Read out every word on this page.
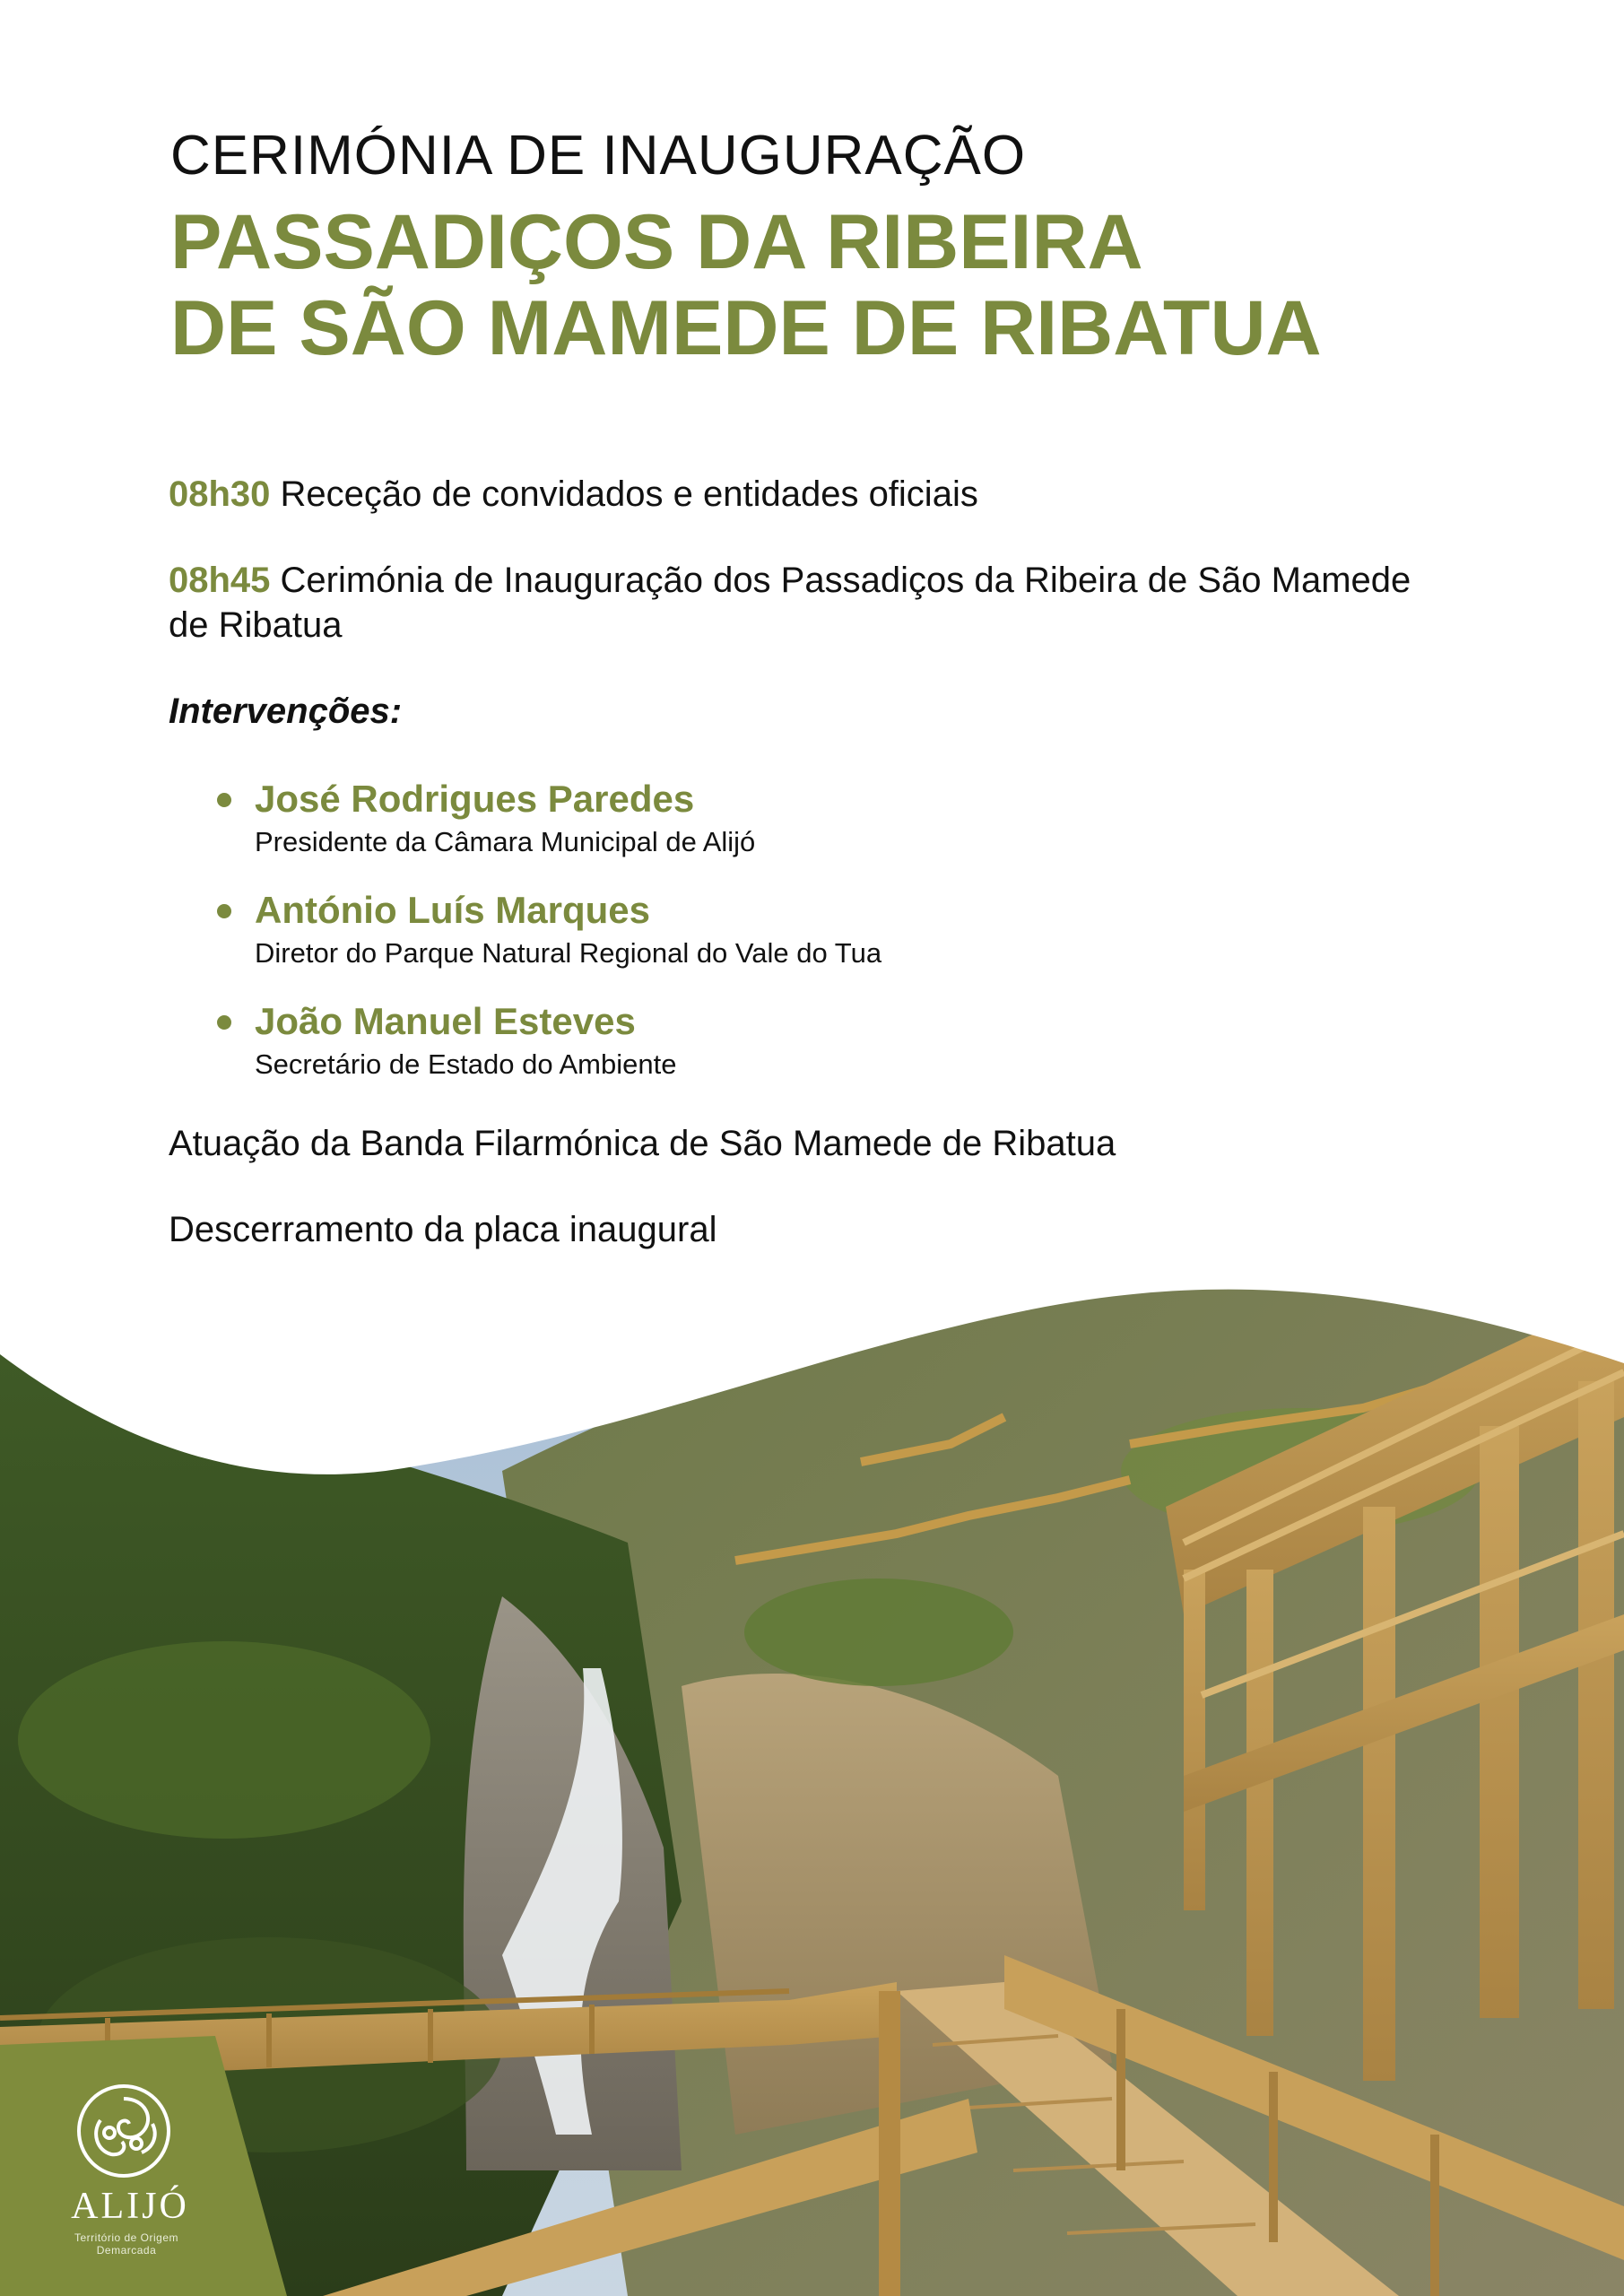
CERIMÓNIA DE INAUGURAÇÃO
PASSADIÇOS DA RIBEIRA
DE SÃO MAMEDE DE RIBATUA

08h30 Receção de convidados e entidades oficiais

08h45 Cerimónia de Inauguração dos Passadiços da Ribeira de São Mamede de Ribatua

Intervenções:

José Rodrigues Paredes
Presidente da Câmara Municipal de Alijó
António Luís Marques
Diretor do Parque Natural Regional do Vale do Tua
João Manuel Esteves
Secretário de Estado do Ambiente

Atuação da Banda Filarmónica de São Mamede de Ribatua

Descerramento da placa inaugural

ALIJÓ
Território de Origem Demarcada
